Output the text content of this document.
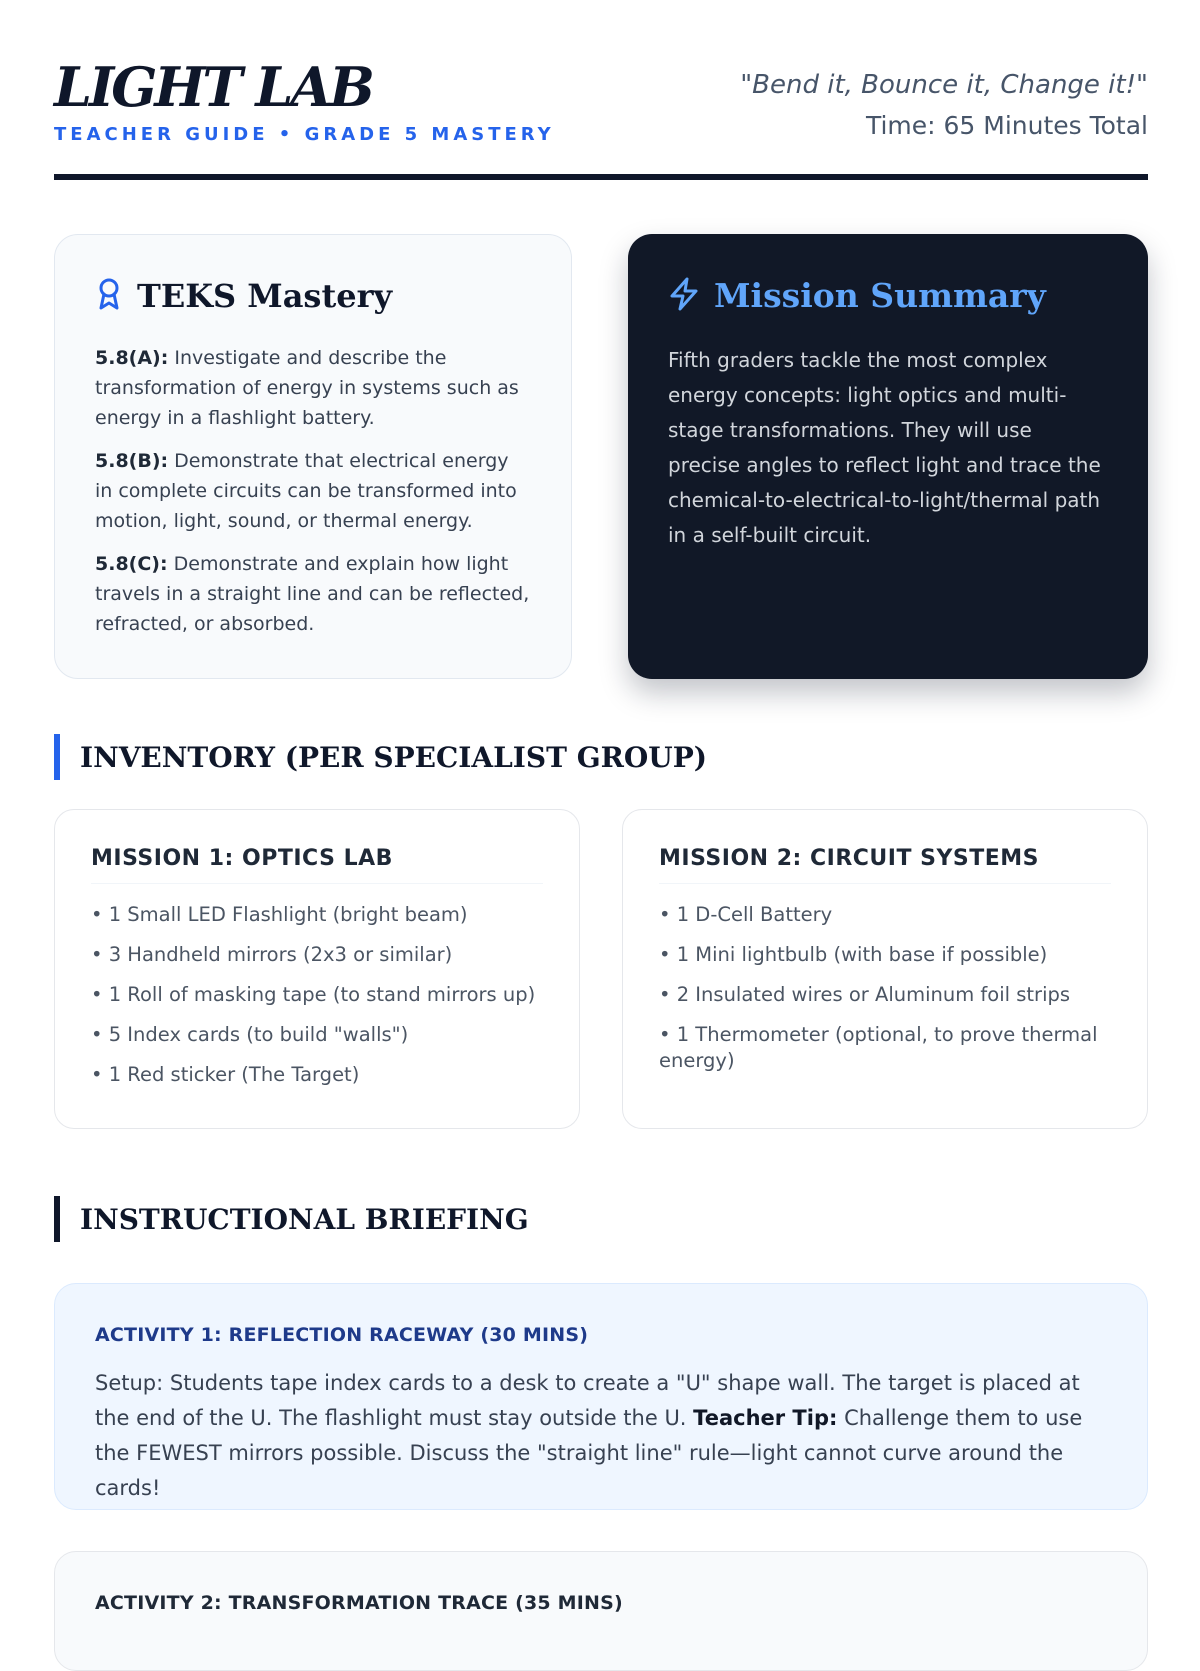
LIGHT LAB
TEACHER GUIDE • GRADE 5 MASTERY
"Bend it, Bounce it, Change it!"
Time: 65 Minutes Total
TEKS Mastery
5.8(A): Investigate and describe the transformation of energy in systems such as energy in a flashlight battery.
5.8(B): Demonstrate that electrical energy in complete circuits can be transformed into motion, light, sound, or thermal energy.
5.8(C): Demonstrate and explain how light travels in a straight line and can be reflected, refracted, or absorbed.
Mission Summary
Fifth graders tackle the most complex energy concepts: light optics and multi-stage transformations. They will use precise angles to reflect light and trace the chemical-to-electrical-to-light/thermal path in a self-built circuit.
INVENTORY (PER SPECIALIST GROUP)
MISSION 1: OPTICS LAB
• 1 Small LED Flashlight (bright beam)
• 3 Handheld mirrors (2x3 or similar)
• 1 Roll of masking tape (to stand mirrors up)
• 5 Index cards (to build "walls")
• 1 Red sticker (The Target)
MISSION 2: CIRCUIT SYSTEMS
• 1 D-Cell Battery
• 1 Mini lightbulb (with base if possible)
• 2 Insulated wires or Aluminum foil strips
• 1 Thermometer (optional, to prove thermal energy)
INSTRUCTIONAL BRIEFING
ACTIVITY 1: REFLECTION RACEWAY (30 MINS)
Setup: Students tape index cards to a desk to create a "U" shape wall. The target is placed at the end of the U. The flashlight must stay outside the U. Teacher Tip: Challenge them to use the FEWEST mirrors possible. Discuss the "straight line" rule—light cannot curve around the cards!
ACTIVITY 2: TRANSFORMATION TRACE (35 MINS)
